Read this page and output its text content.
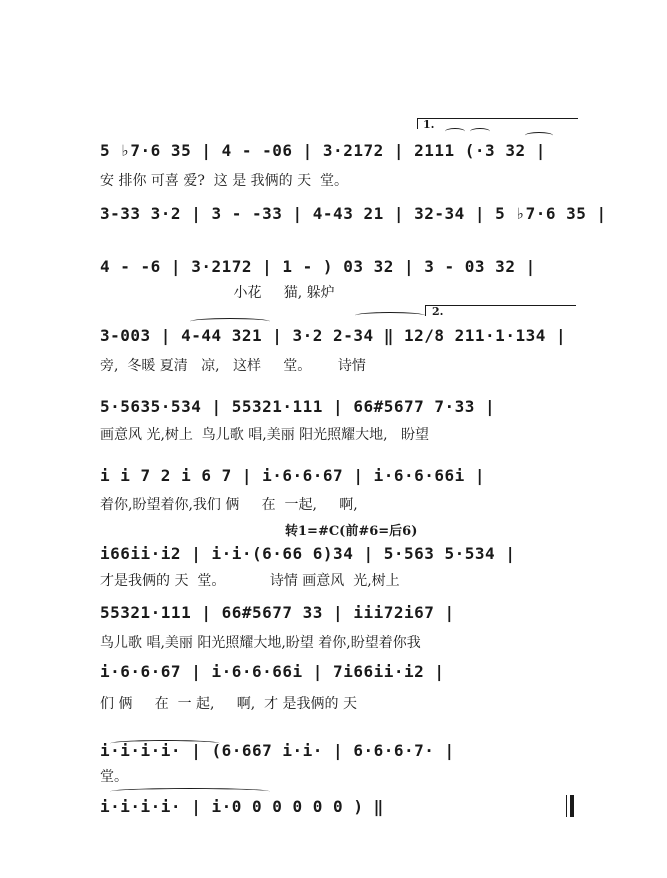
1.
2.
5 ♭7·6 35 | 4 - -06 | 3·2172 | 2111 (·3 32 |
安 排你 可喜 爱?  这 是 我俩的 天  堂。
3-33 3·2 | 3 - -33 | 4-43 21 | 32-34 | 5 ♭7·6 35 |
4 - -6 | 3·2172 | 1 - ) 03 32 | 3 - 03 32 |
小花     猫, 躲炉
3-003 | 4-44 321 | 3·2 2-34 ‖ 12/8 211·1·134 |
旁,  冬暖 夏清   凉,   这样     堂。      诗情
5·5635·534 | 55321·111 | 66#5677 7·33 |
画意风 光,树上  鸟儿歌 唱,美丽 阳光照耀大地,   盼望
i i 7 2 i 6 7 | i·6·6·67 | i·6·6·66i |
着你,盼望着你,我们 俩     在  一起,     啊,
转1=#C(前#6=后6)
i66ii·i2 | i·i·(6·66 6)34 | 5·563 5·534 |
才是我俩的 天  堂。          诗情 画意风  光,树上
55321·111 | 66#5677 33 | iii72i67 |
鸟儿歌 唱,美丽 阳光照耀大地,盼望 着你,盼望着你我
i·6·6·67 | i·6·6·66i | 7i66ii·i2 |
们 俩     在  一 起,     啊,  才 是我俩的 天
i·i·i·i· | (6·667 i·i· | 6·6·6·7· |
堂。
i·i·i·i· | i·0 0 0 0 0 0 ) ‖
